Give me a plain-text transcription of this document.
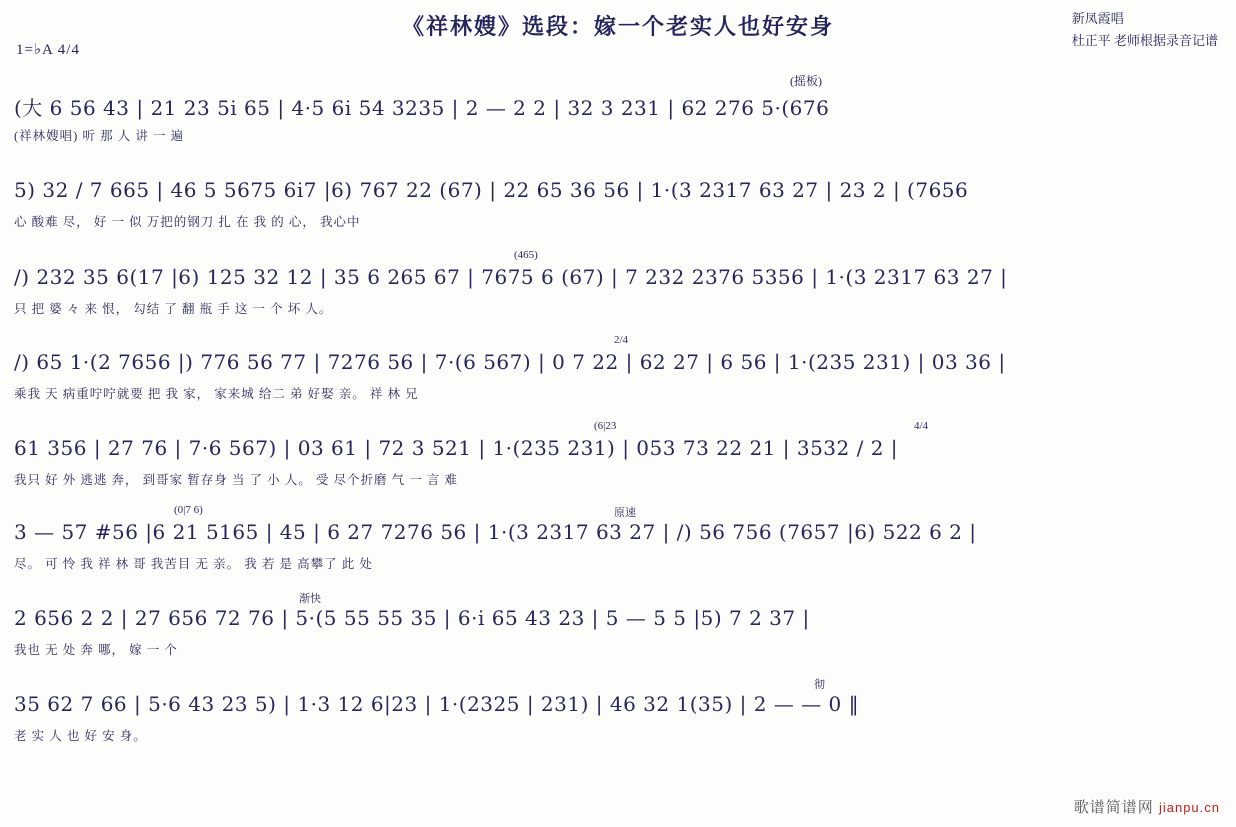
《祥林嫂》选段：嫁一个老实人也好安身	新凤霞唱
杜正平 老师根据录音记谱
1=♭A 4/4
(摇板)
(大 6 56 43 | 21 23 5i 65 | 4·5 6i 54 3235 | 2 — 2 2 | 32 3 231 | 62 276 5·(676
(祥林嫂唱) 听 那 人 讲 一 遍
5) 32 / 7 665 | 46 5 5675 6i7 |6) 767 22 (67) | 22 65 36 56 | 1·(3 2317 63 27 | 23 2 | (7656
心 酸难 尽， 好 一 似 万把的钢刀 扎 在 我 的 心， 我心中
(465)
/) 232 35 6(17 |6) 125 32 12 | 35 6 265 67 | 7675 6 (67) | 7 232 2376 5356 | 1·(3 2317 63 27 |
只 把 婆 々 来 恨， 勾结 了 翻 瓶 手 这 一 个 坏 人。
2/4
/) 65 1·(2 7656 |) 776 56 77 | 7276 56 | 7·(6 567) | 0 7 22 | 62 27 | 6 56 | 1·(235 231) | 03 36 |
乘我 天 病重咛咛就要 把 我 家， 家来城 给二 弟 好娶 亲。 祥 林 兄
(6|23	4/4
61 356 | 27 76 | 7·6 567) | 03 61 | 72 3 521 | 1·(235 231) | 053 73 22 21 | 3532 / 2 |
我只 好 外 逃逃 奔， 到哥家 暂存身 当 了 小 人。 受 尽个折磨 气 一 言 难
(0|7 6)	原速
3 — 57 #56 |6 21 5165 | 45 | 6 27 7276 56 | 1·(3 2317 63 27 | /) 56 756 (7657 |6) 522 6 2 |
尽。 可 怜 我 祥 林 哥 我苦目 无 亲。 我 若 是 高攀了 此 处
渐快
2 656 2 2 | 27 656 72 76 | 5·(5 55 55 35 | 6·i 65 43 23 | 5 — 5 5 |5) 7 2 37 |
我也 无 处 奔 哪， 嫁 一 个
彻
35 62 7 66 | 5·6 43 23 5) | 1·3 12 6|23 | 1·(2325 | 231) | 46 32 1(35) | 2 — — 0 ‖
老 实 人 也 好 安 身。
歌谱简谱网 jianpu.cn
